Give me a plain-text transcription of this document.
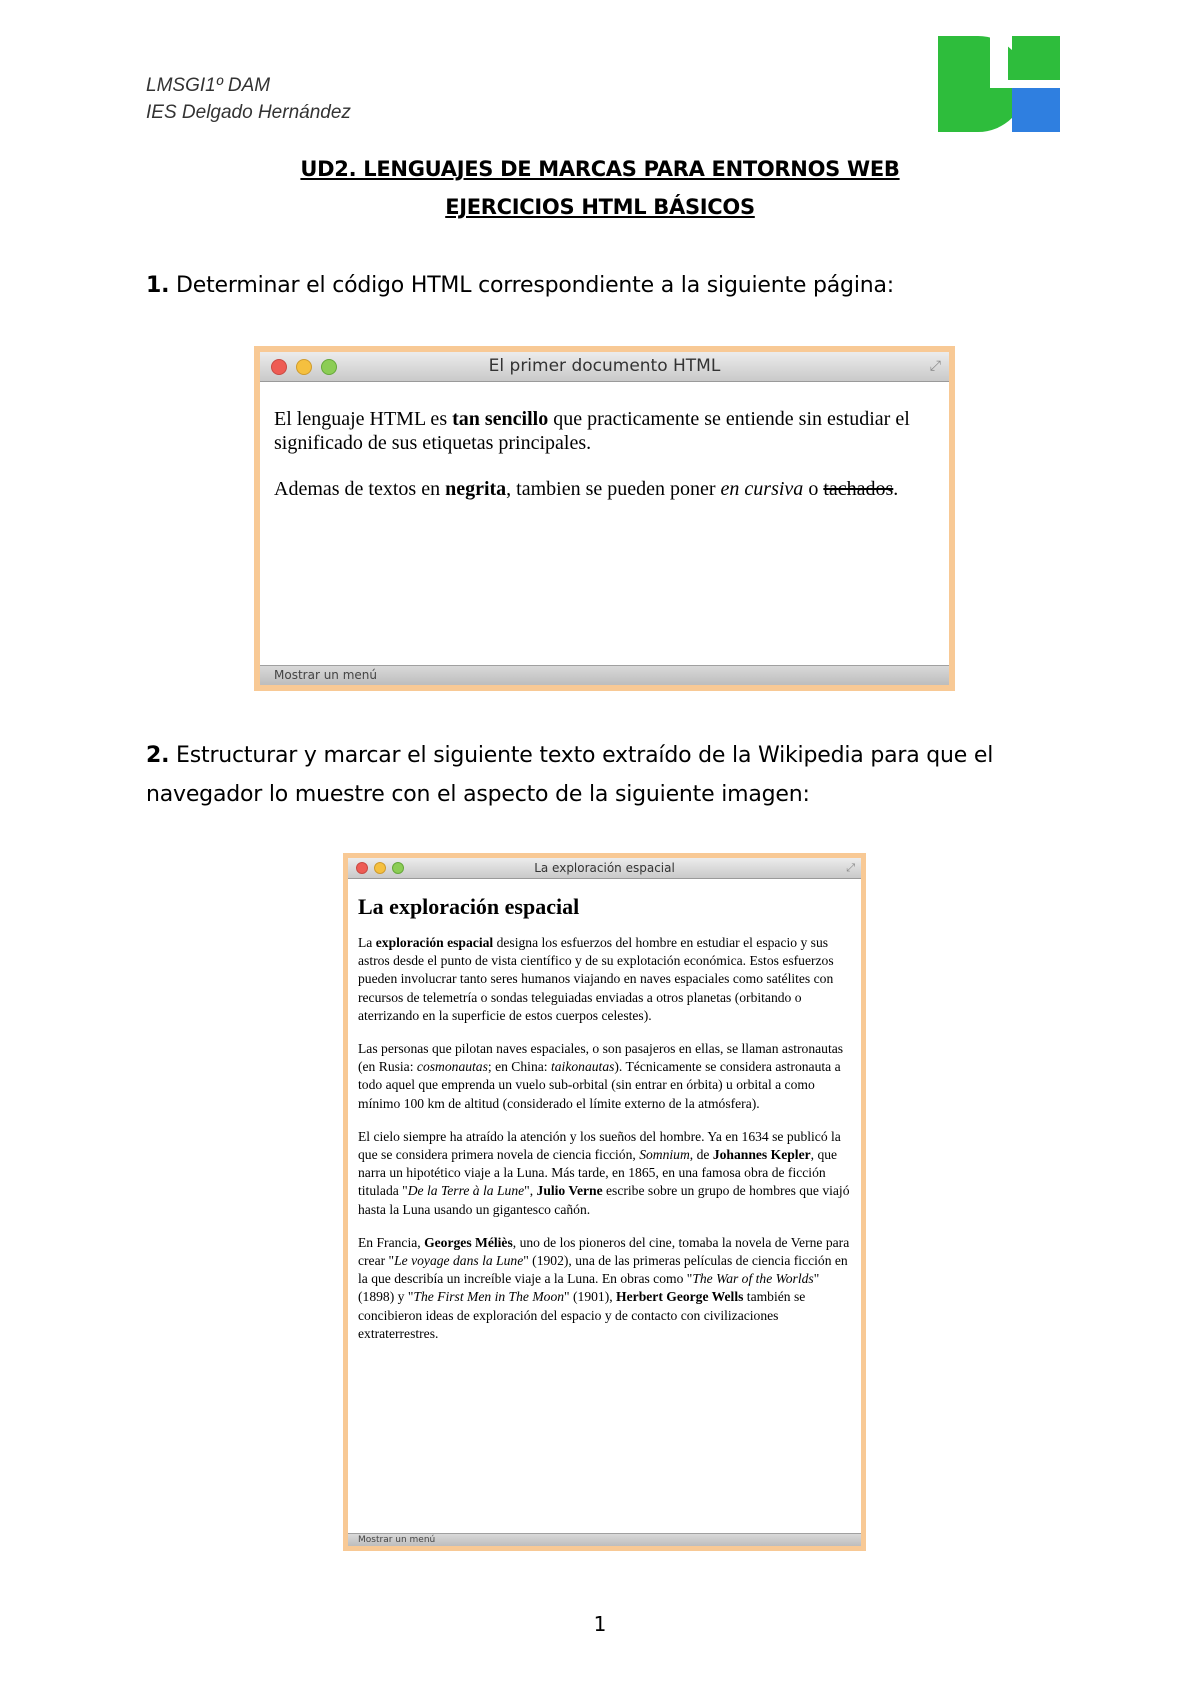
LMSGI1º DAM
IES Delgado Hernández
UD2. LENGUAJES DE MARCAS PARA ENTORNOS WEB
EJERCICIOS HTML BÁSICOS
1. Determinar el código HTML correspondiente a la siguiente página:
El primer documento HTML	⤢

El lenguaje HTML es tan sencillo que practicamente se entiende sin estudiar el significado de sus etiquetas principales.

Ademas de textos en negrita, tambien se pueden poner en cursiva o tachados.

Mostrar un menú
2. Estructurar y marcar el siguiente texto extraído de la Wikipedia para que el navegador lo muestre con el aspecto de la siguiente imagen:
La exploración espacial	⤢
La exploración espacial

La exploración espacial designa los esfuerzos del hombre en estudiar el espacio y sus astros desde el punto de vista científico y de su explotación económica. Estos esfuerzos pueden involucrar tanto seres humanos viajando en naves espaciales como satélites con recursos de telemetría o sondas teleguiadas enviadas a otros planetas (orbitando o aterrizando en la superficie de estos cuerpos celestes).

Las personas que pilotan naves espaciales, o son pasajeros en ellas, se llaman astronautas (en Rusia: cosmonautas; en China: taikonautas). Técnicamente se considera astronauta a todo aquel que emprenda un vuelo sub-orbital (sin entrar en órbita) u orbital a como mínimo 100 km de altitud (considerado el límite externo de la atmósfera).

El cielo siempre ha atraído la atención y los sueños del hombre. Ya en 1634 se publicó la que se considera primera novela de ciencia ficción, Somnium, de Johannes Kepler, que narra un hipotético viaje a la Luna. Más tarde, en 1865, en una famosa obra de ficción titulada "De la Terre à la Lune", Julio Verne escribe sobre un grupo de hombres que viajó hasta la Luna usando un gigantesco cañón.

En Francia, Georges Méliès, uno de los pioneros del cine, tomaba la novela de Verne para crear "Le voyage dans la Lune" (1902), una de las primeras películas de ciencia ficción en la que describía un increíble viaje a la Luna. En obras como "The War of the Worlds" (1898) y "The First Men in The Moon" (1901), Herbert George Wells también se concibieron ideas de exploración del espacio y de contacto con civilizaciones extraterrestres.

Mostrar un menú
1
